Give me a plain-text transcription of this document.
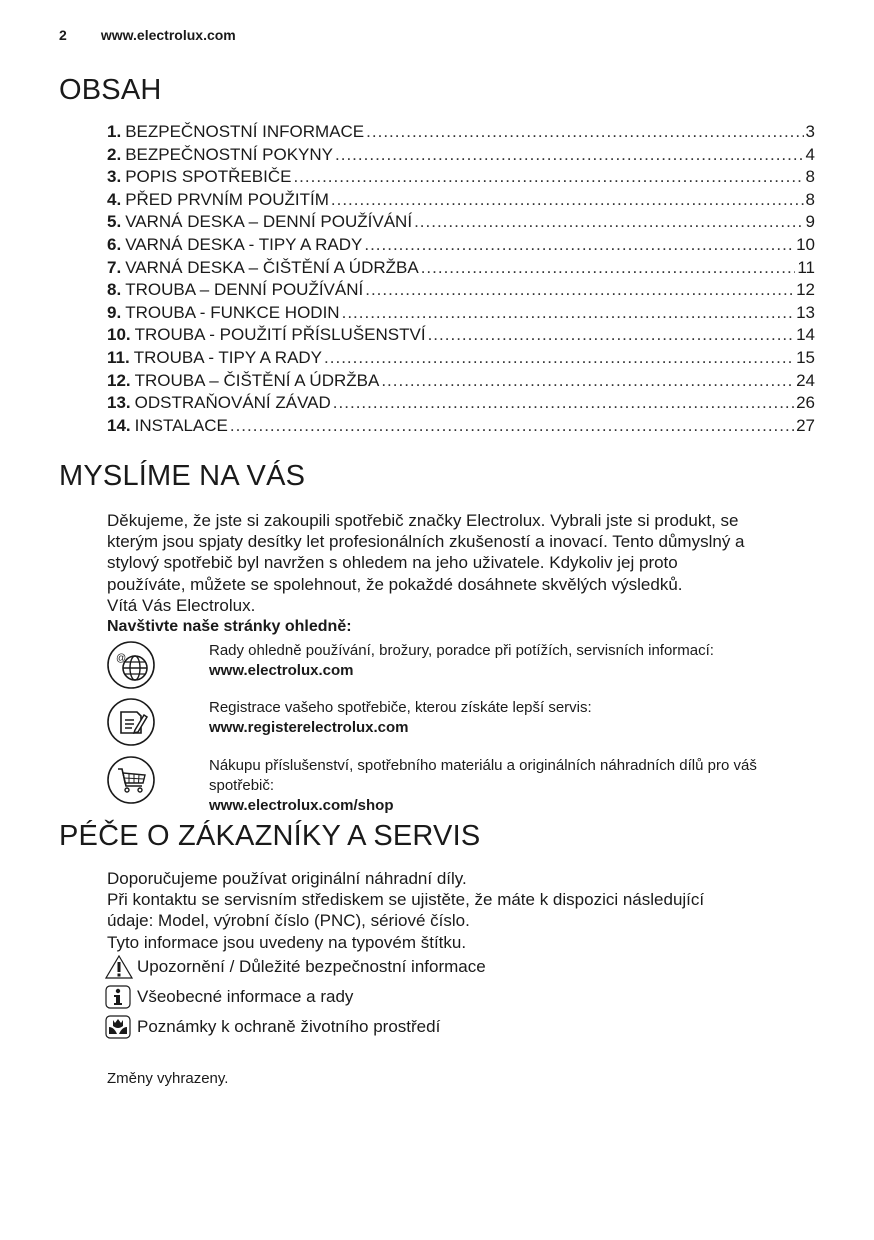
2 www.electrolux.com
OBSAH
1. BEZPEČNOSTNÍ INFORMACE .....	3
2. BEZPEČNOSTNÍ POKYNY .....	4
3. POPIS SPOTŘEBIČE .....	8
4. PŘED PRVNÍM POUŽITÍM .....	8
5. VARNÁ DESKA – DENNÍ POUŽÍVÁNÍ .....	9
6. VARNÁ DESKA - TIPY A RADY .....	10
7. VARNÁ DESKA – ČIŠTĚNÍ A ÚDRŽBA .....	11
8. TROUBA – DENNÍ POUŽÍVÁNÍ .....	12
9. TROUBA - FUNKCE HODIN .....	13
10. TROUBA - POUŽITÍ PŘÍSLUŠENSTVÍ .....	14
11. TROUBA - TIPY A RADY .....	15
12. TROUBA – ČIŠTĚNÍ A ÚDRŽBA .....	24
13. ODSTRAŇOVÁNÍ ZÁVAD .....	26
14. INSTALACE .....	27
MYSLÍME NA VÁS
Děkujeme, že jste si zakoupili spotřebič značky Electrolux. Vybrali jste si produkt, se
kterým jsou spjaty desítky let profesionálních zkušeností a inovací. Tento důmyslný a
stylový spotřebič byl navržen s ohledem na jeho uživatele. Kdykoliv jej proto
používáte, můžete se spolehnout, že pokaždé dosáhnete skvělých výsledků.
Vítá Vás Electrolux.
Navštivte naše stránky ohledně:
@	Rady ohledně používání, brožury, poradce při potížích, servisních informací:
www.electrolux.com
Registrace vašeho spotřebiče, kterou získáte lepší servis:
www.registerelectrolux.com
Nákupu příslušenství, spotřebního materiálu a originálních náhradních dílů pro váš spotřebič:
www.electrolux.com/shop
PÉČE O ZÁKAZNÍKY A SERVIS
Doporučujeme používat originální náhradní díly.
Při kontaktu se servisním střediskem se ujistěte, že máte k dispozici následující
údaje: Model, výrobní číslo (PNC), sériové číslo.
Tyto informace jsou uvedeny na typovém štítku.
Upozornění / Důležité bezpečnostní informace
Všeobecné informace a rady
Poznámky k ochraně životního prostředí
Změny vyhrazeny.
